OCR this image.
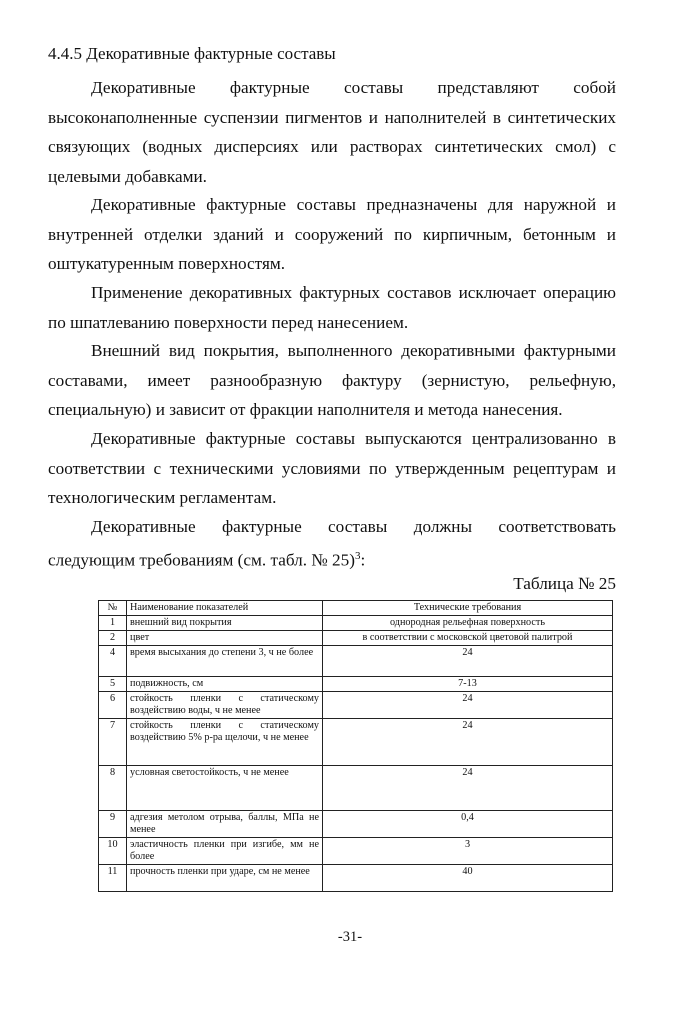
4.4.5 Декоративные фактурные составы

Декоративные фактурные составы представляют собой высоконаполненные суспензии пигментов и наполнителей в синтетических связующих (водных дисперсиях или растворах синтетических смол) с целевыми добавками.

Декоративные фактурные составы предназначены для наружной и внутренней отделки зданий и сооружений по кирпичным, бетонным и оштукатуренным поверхностям.

Применение декоративных фактурных составов исключает операцию по шпатлеванию поверхности перед нанесением.

Внешний вид покрытия, выполненного декоративными фактурными составами, имеет разнообразную фактуру (зернистую, рельефную, специальную) и зависит от фракции наполнителя и метода нанесения.

Декоративные фактурные составы выпускаются централизованно в соответствии с техническими условиями по утвержденным рецептурам и технологическим регламентам.

Декоративные фактурные составы должны соответствовать следующим требованиям (см. табл. № 25)$^3$:

Таблица № 25
№	Наименование показателей	Технические требования
1	внешний вид покрытия	однородная рельефная поверхность
2	цвет	в соответствии с московской цветовой палитрой
4	время высыхания до степени 3, ч не более	24
5	подвижность, см	7-13
6	стойкость пленки с статическому воздействию воды, ч не менее	24
7	стойкость пленки с статическому воздействию 5% р-ра щелочи, ч не менее	24
8	условная светостойкость, ч не менее	24
9	адгезия метолом отрыва, баллы, МПа не менее	0,4
10	эластичность пленки при изгибе, мм не более	3
11	прочность пленки при ударе, см не менее	40
-31-
